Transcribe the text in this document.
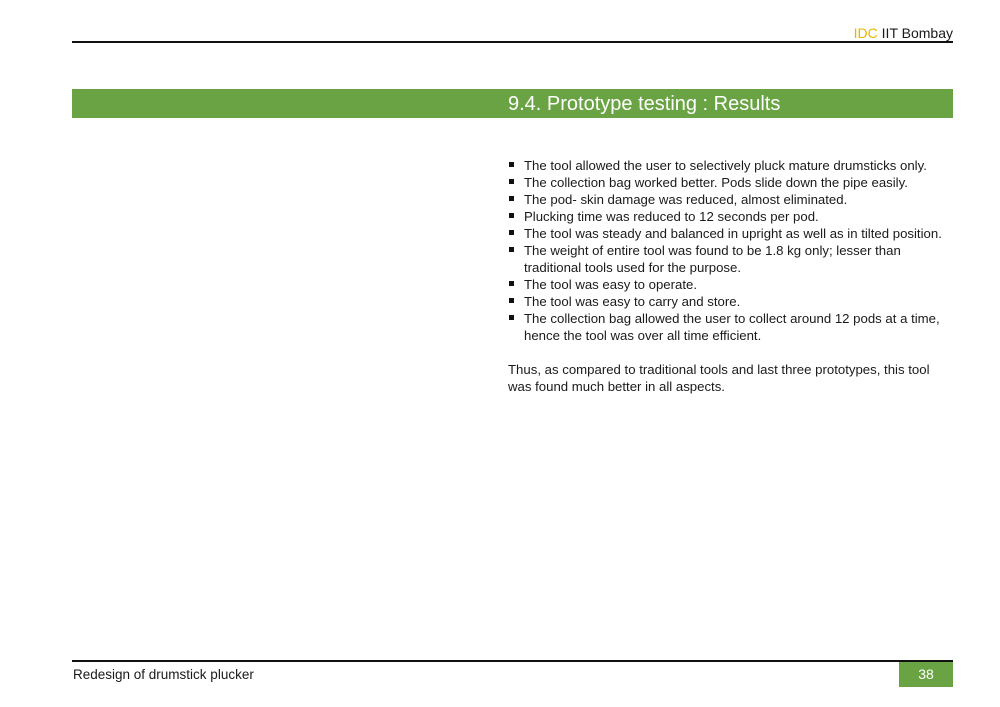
IDC IIT Bombay
9.4. Prototype testing : Results
The tool allowed the user to selectively pluck mature drumsticks only.
The collection bag worked better. Pods slide down the pipe easily.
The pod- skin damage was reduced, almost eliminated.
Plucking time was reduced to 12 seconds per pod.
The tool was steady and balanced in upright as well as in tilted position.
The weight of entire tool was found to be 1.8 kg only; lesser than traditional tools used for the purpose.
The tool was easy to operate.
The tool was easy to carry and store.
The collection bag allowed the user to collect around 12 pods at a time, hence the tool was over all time efficient.

Thus, as compared to traditional tools and last three prototypes, this tool was found much better in all aspects.

Redesign of drumstick plucker	38
